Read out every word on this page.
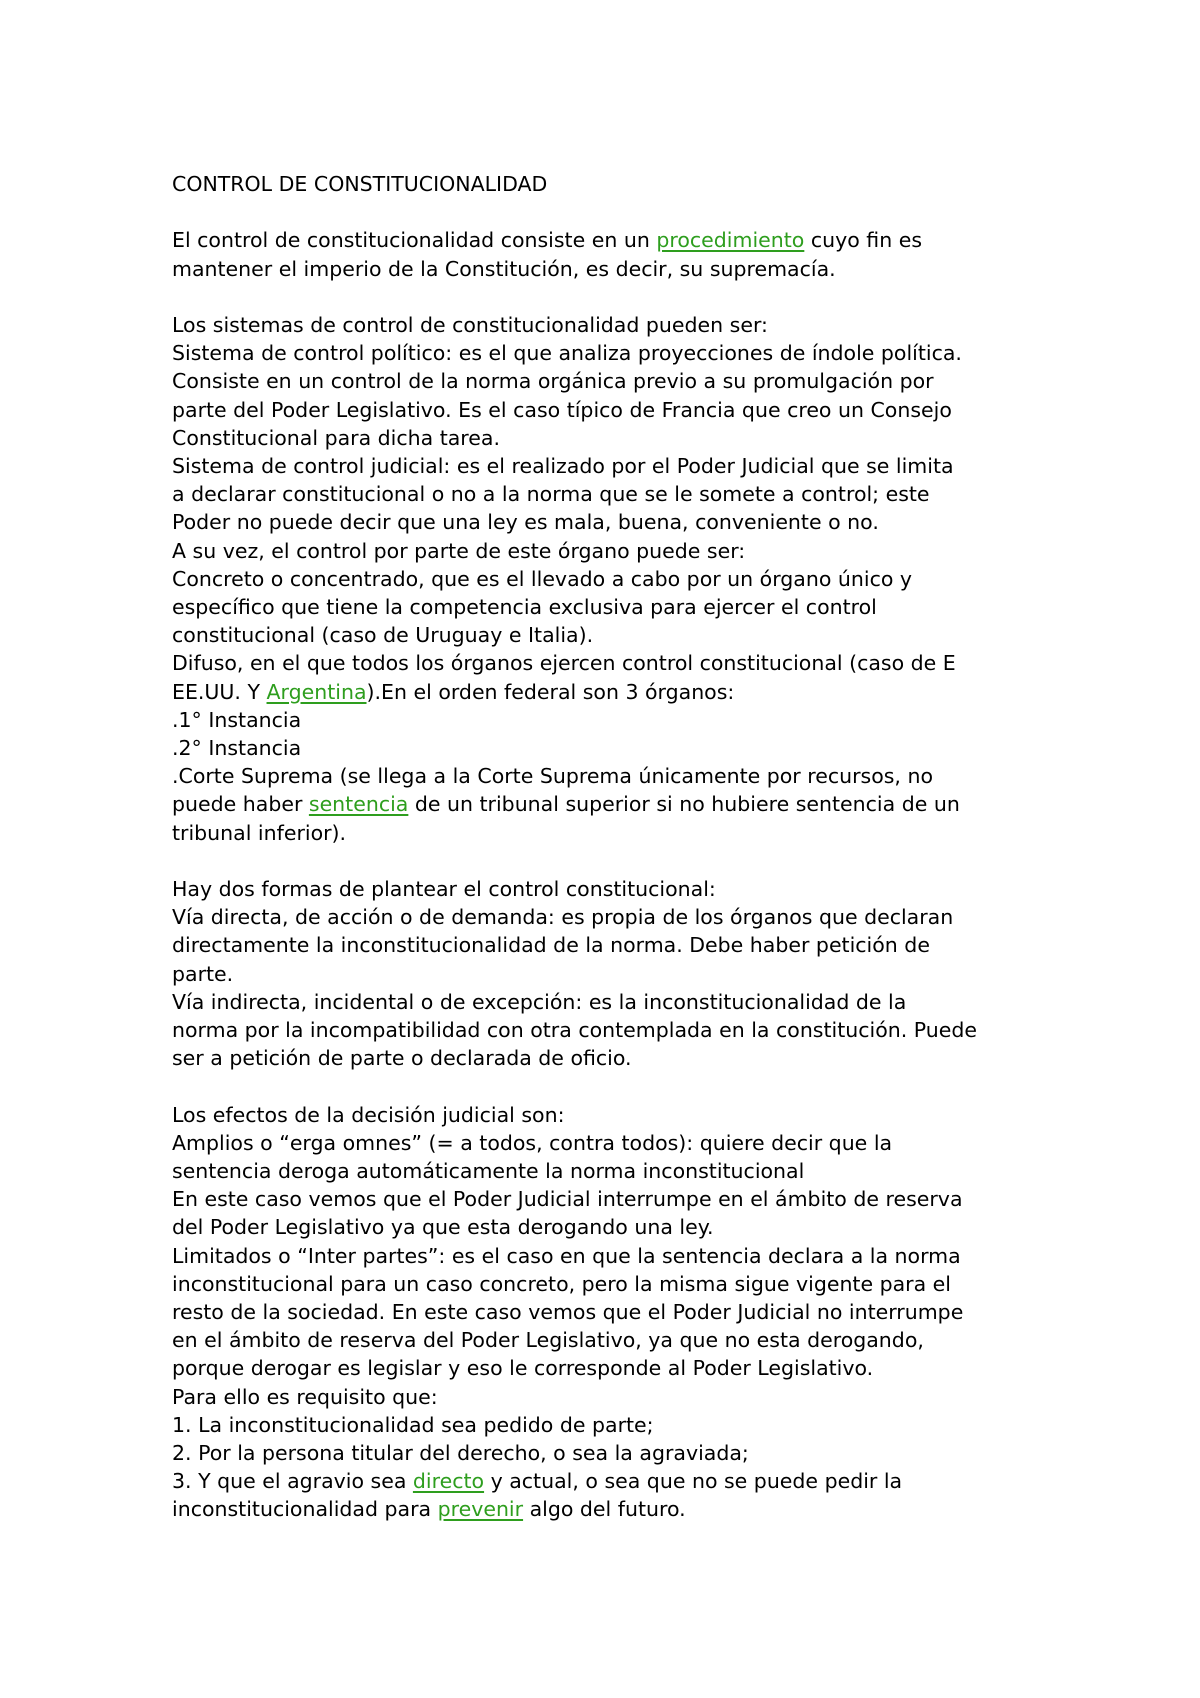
CONTROL DE CONSTITUCIONALIDAD
El control de constitucionalidad consiste en un procedimiento cuyo fin es
mantener el imperio de la Constitución, es decir, su supremacía.
Los sistemas de control de constitucionalidad pueden ser:
Sistema de control político: es el que analiza proyecciones de índole política.
Consiste en un control de la norma orgánica previo a su promulgación por
parte del Poder Legislativo. Es el caso típico de Francia que creo un Consejo
Constitucional para dicha tarea.
Sistema de control judicial: es el realizado por el Poder Judicial que se limita
a declarar constitucional o no a la norma que se le somete a control; este
Poder no puede decir que una ley es mala, buena, conveniente o no.
A su vez, el control por parte de este órgano puede ser:
Concreto o concentrado, que es el llevado a cabo por un órgano único y
específico que tiene la competencia exclusiva para ejercer el control
constitucional (caso de Uruguay e Italia).
Difuso, en el que todos los órganos ejercen control constitucional (caso de E
EE.UU. Y Argentina).En el orden federal son 3 órganos:
.1° Instancia
.2° Instancia
.Corte Suprema (se llega a la Corte Suprema únicamente por recursos, no
puede haber sentencia de un tribunal superior si no hubiere sentencia de un
tribunal inferior).
Hay dos formas de plantear el control constitucional:
Vía directa, de acción o de demanda: es propia de los órganos que declaran
directamente la inconstitucionalidad de la norma. Debe haber petición de
parte.
Vía indirecta, incidental o de excepción: es la inconstitucionalidad de la
norma por la incompatibilidad con otra contemplada en la constitución. Puede
ser a petición de parte o declarada de oficio.
Los efectos de la decisión judicial son:
Amplios o “erga omnes” (= a todos, contra todos): quiere decir que la
sentencia deroga automáticamente la norma inconstitucional
En este caso vemos que el Poder Judicial interrumpe en el ámbito de reserva
del Poder Legislativo ya que esta derogando una ley.
Limitados o “Inter partes”: es el caso en que la sentencia declara a la norma
inconstitucional para un caso concreto, pero la misma sigue vigente para el
resto de la sociedad. En este caso vemos que el Poder Judicial no interrumpe
en el ámbito de reserva del Poder Legislativo, ya que no esta derogando,
porque derogar es legislar y eso le corresponde al Poder Legislativo.
Para ello es requisito que:
1. La inconstitucionalidad sea pedido de parte;
2. Por la persona titular del derecho, o sea la agraviada;
3. Y que el agravio sea directo y actual, o sea que no se puede pedir la
inconstitucionalidad para prevenir algo del futuro.
